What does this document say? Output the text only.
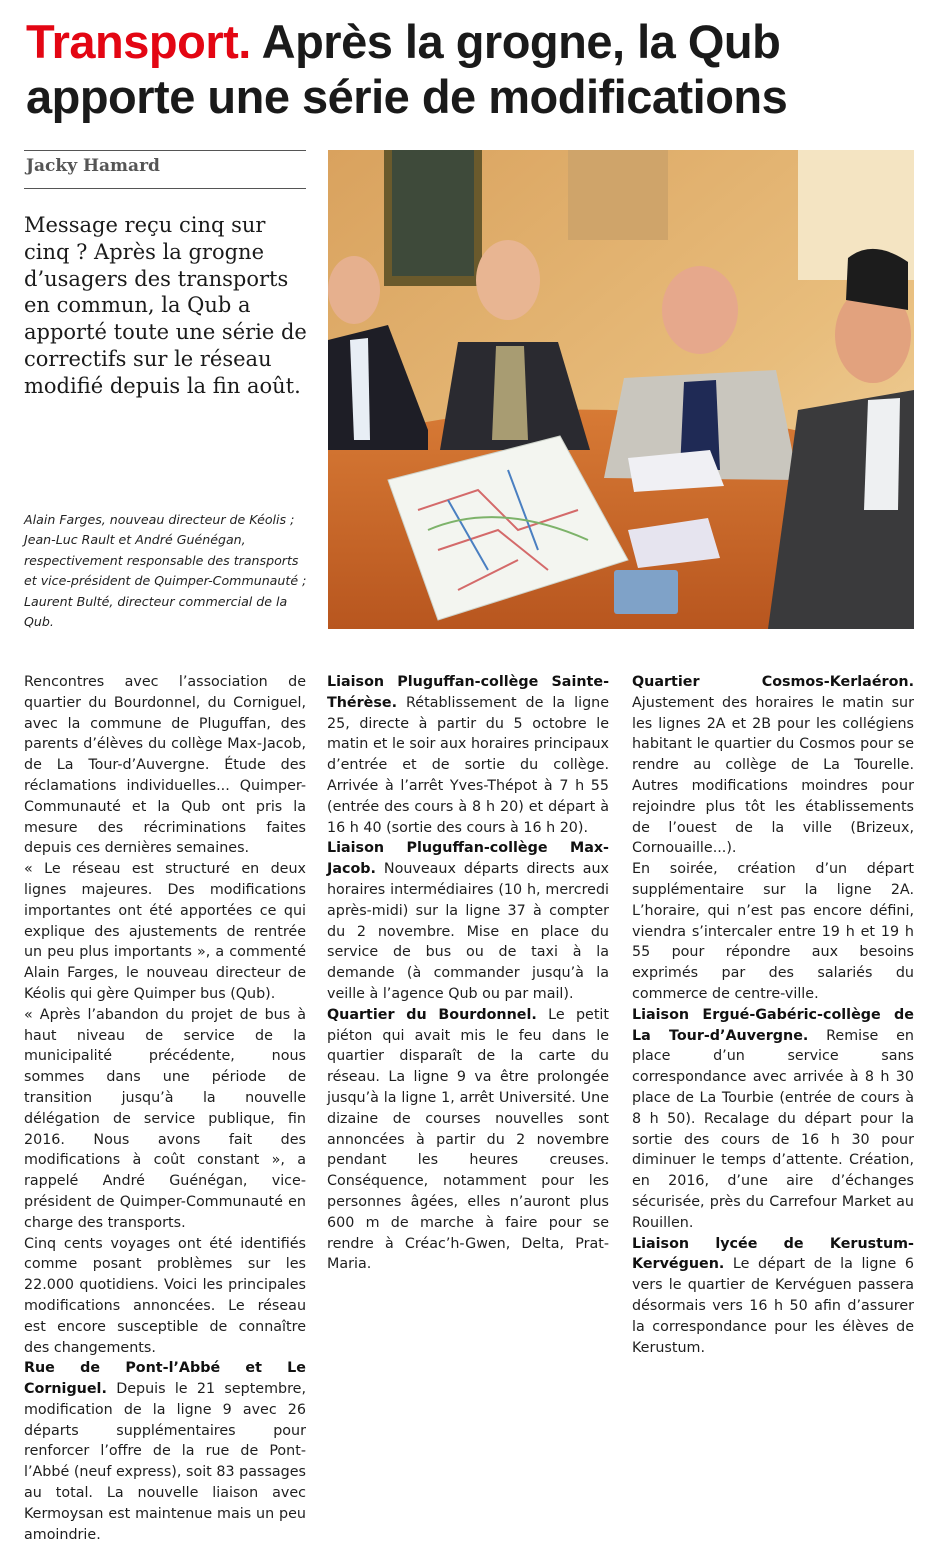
Transport. Après la grogne, la Qub apporte une série de modifications
Jacky Hamard
Message reçu cinq sur cinq ? Après la grogne d’usagers des transports en commun, la Qub a apporté toute une série de correctifs sur le réseau modifié depuis la fin août.
Alain Farges, nouveau directeur de Kéolis ; Jean-Luc Rault et André Guénégan, respectivement responsable des transports et vice-président de Quimper-Communauté ; Laurent Bulté, directeur commercial de la Qub.

Rencontres avec l’association de quartier du Bourdonnel, du Corniguel, avec la commune de Pluguffan, des parents d’élèves du collège Max-Jacob, de La Tour-d’Auvergne. Étude des réclamations individuelles... Quimper-Communauté et la Qub ont pris la mesure des récriminations faites depuis ces dernières semaines.

« Le réseau est structuré en deux lignes majeures. Des modifications importantes ont été apportées ce qui explique des ajustements de rentrée un peu plus importants », a commenté Alain Farges, le nouveau directeur de Kéolis qui gère Quimper bus (Qub).

« Après l’abandon du projet de bus à haut niveau de service de la municipalité précédente, nous sommes dans une période de transition jusqu’à la nouvelle délégation de service publique, fin 2016. Nous avons fait des modifications à coût constant », a rappelé André Guénégan, vice-président de Quimper-Communauté en charge des transports.

Cinq cents voyages ont été identifiés comme posant problèmes sur les 22.000 quotidiens. Voici les principales modifications annoncées. Le réseau est encore susceptible de connaître des changements.

Rue de Pont-l’Abbé et Le Corniguel. Depuis le 21 septembre, modification de la ligne 9 avec 26 départs supplémentaires pour renforcer l’offre de la rue de Pont-l’Abbé (neuf express), soit 83 passages au total. La nouvelle liaison avec Kermoysan est maintenue mais un peu amoindrie.

Liaison Pluguffan-collège Sainte-Thérèse. Rétablissement de la ligne 25, directe à partir du 5 octobre le matin et le soir aux horaires principaux d’entrée et de sortie du collège. Arrivée à l’arrêt Yves-Thépot à 7 h 55 (entrée des cours à 8 h 20) et départ à 16 h 40 (sortie des cours à 16 h 20).

Liaison Pluguffan-collège Max-Jacob. Nouveaux départs directs aux horaires intermédiaires (10 h, mercredi après-midi) sur la ligne 37 à compter du 2 novembre. Mise en place du service de bus ou de taxi à la demande (à commander jusqu’à la veille à l’agence Qub ou par mail).

Quartier du Bourdonnel. Le petit piéton qui avait mis le feu dans le quartier disparaît de la carte du réseau. La ligne 9 va être prolongée jusqu’à la ligne 1, arrêt Université. Une dizaine de courses nouvelles sont annoncées à partir du 2 novembre pendant les heures creuses. Conséquence, notamment pour les personnes âgées, elles n’auront plus 600 m de marche à faire pour se rendre à Créac’h-Gwen, Delta, Prat-Maria.

Quartier Cosmos-Kerlaéron. Ajustement des horaires le matin sur les lignes 2A et 2B pour les collégiens habitant le quartier du Cosmos pour se rendre au collège de La Tourelle. Autres modifications moindres pour rejoindre plus tôt les établissements de l’ouest de la ville (Brizeux, Cornouaille...).

En soirée, création d’un départ supplémentaire sur la ligne 2A. L’horaire, qui n’est pas encore défini, viendra s’intercaler entre 19 h et 19 h 55 pour répondre aux besoins exprimés par des salariés du commerce de centre-ville.

Liaison Ergué-Gabéric-collège de La Tour-d’Auvergne. Remise en place d’un service sans correspondance avec arrivée à 8 h 30 place de La Tourbie (entrée de cours à 8 h 50). Recalage du départ pour la sortie des cours de 16 h 30 pour diminuer le temps d’attente. Création, en 2016, d’une aire d’échanges sécurisée, près du Carrefour Market au Rouillen.

Liaison lycée de Kerustum-Kervéguen. Le départ de la ligne 6 vers le quartier de Kervéguen passera désormais vers 16 h 50 afin d’assurer la correspondance pour les élèves de Kerustum.
